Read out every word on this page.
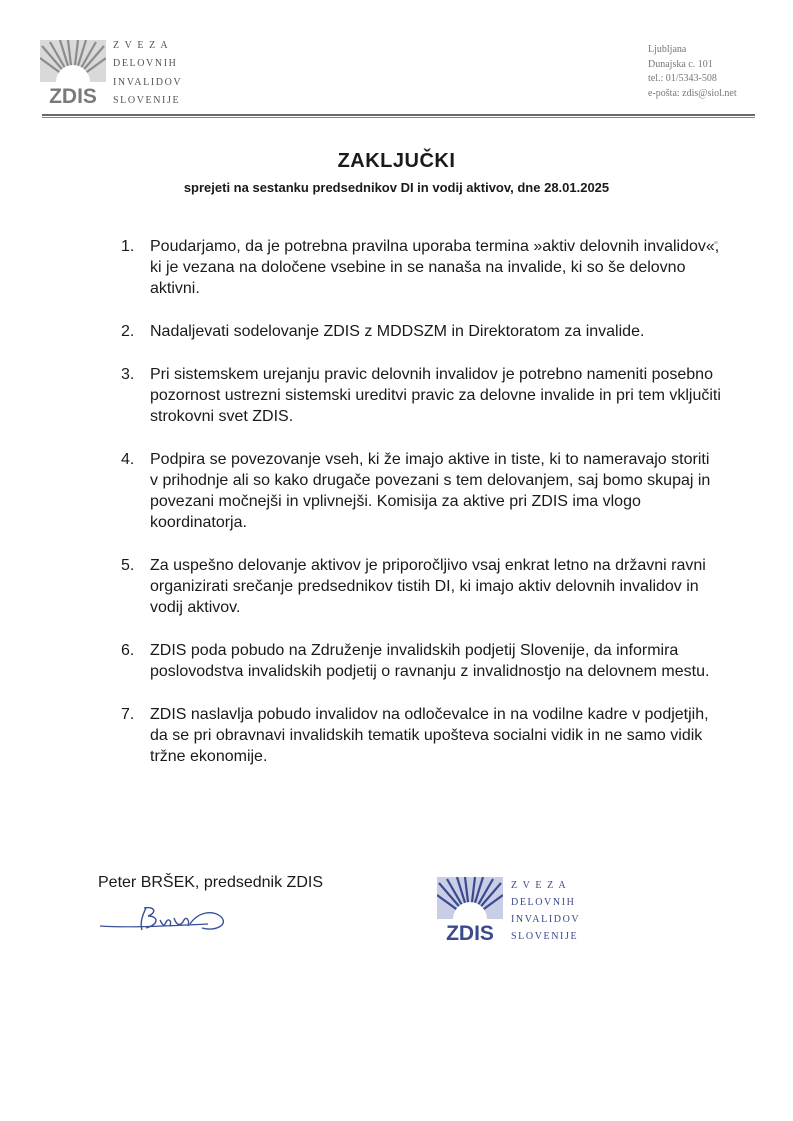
ZDIS
Z V E Z A
DELOVNIH
INVALIDOV
SLOVENIJE
Ljubljana
Dunajska c. 101
tel.: 01/5343-508
e-pošta: zdis@siol.net
ZAKLJUČKI
sprejeti na sestanku predsednikov DI in vodij aktivov, dne 28.01.2025
1. Poudarjamo, da je potrebna pravilna uporaba termina »aktiv delovnih invalidov«, ki je vezana na določene vsebine in se nanaša na invalide, ki so še delovno aktivni.
2. Nadaljevati sodelovanje ZDIS z MDDSZM in Direktoratom za invalide.
3. Pri sistemskem urejanju pravic delovnih invalidov je potrebno nameniti posebno pozornost ustrezni sistemski ureditvi pravic za delovne invalide in pri tem vključiti strokovni svet ZDIS.
4. Podpira se povezovanje vseh, ki že imajo aktive in tiste, ki to nameravajo storiti v prihodnje ali so kako drugače povezani s tem delovanjem, saj bomo skupaj in povezani močnejši in vplivnejši. Komisija za aktive pri ZDIS ima vlogo koordinatorja.
5. Za uspešno delovanje aktivov je priporočljivo vsaj enkrat letno na državni ravni organizirati srečanje predsednikov tistih DI, ki imajo aktiv delovnih invalidov in vodij aktivov.
6. ZDIS poda pobudo na Združenje invalidskih podjetij Slovenije, da informira poslovodstva invalidskih podjetij o ravnanju z invalidnostjo na delovnem mestu.
7. ZDIS naslavlja pobudo invalidov na odločevalce in na vodilne kadre v podjetjih, da se pri obravnavi invalidskih tematik upošteva socialni vidik in ne samo vidik tržne ekonomije.
Peter BRŠEK, predsednik ZDIS
ZDIS
Z V E Z A
DELOVNIH
INVALIDOV
SLOVENIJE
